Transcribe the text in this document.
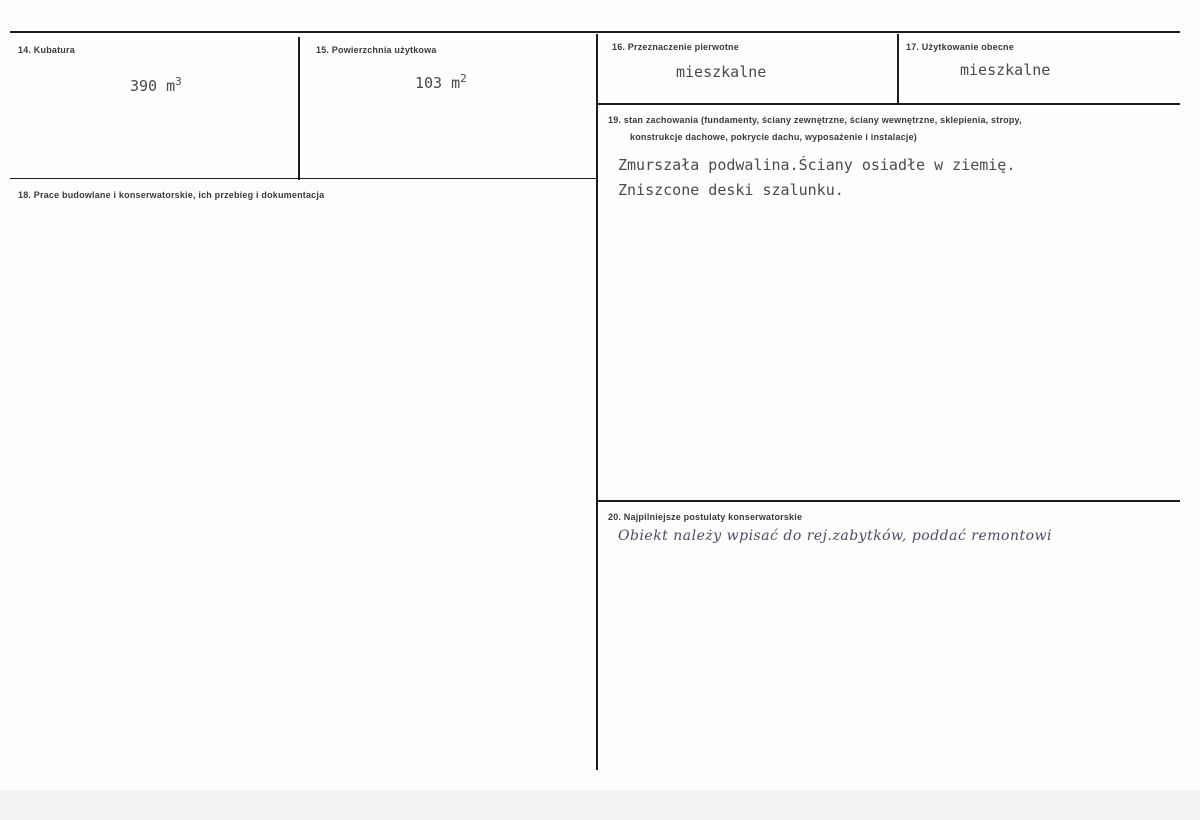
14. Kubatura
390 $m^3$
15. Powierzchnia użytkowa
103 $m^2$
16. Przeznaczenie pierwotne
mieszkalne
17. Użytkowanie obecne
mieszkalne
18. Prace budowlane i konserwatorskie, ich przebieg i dokumentacja
19. stan zachowania (fundamenty, ściany zewnętrzne, ściany wewnętrzne, sklepienia, stropy,
konstrukcje dachowe, pokrycie dachu, wyposażenie i instalacje)
Zmurszała podwalina.Ściany osiadłe w ziemię.
Zniszcone deski szalunku.
20. Najpilniejsze postulaty konserwatorskie
Obiekt należy wpisać do rej.zabytków, poddać remontowi
